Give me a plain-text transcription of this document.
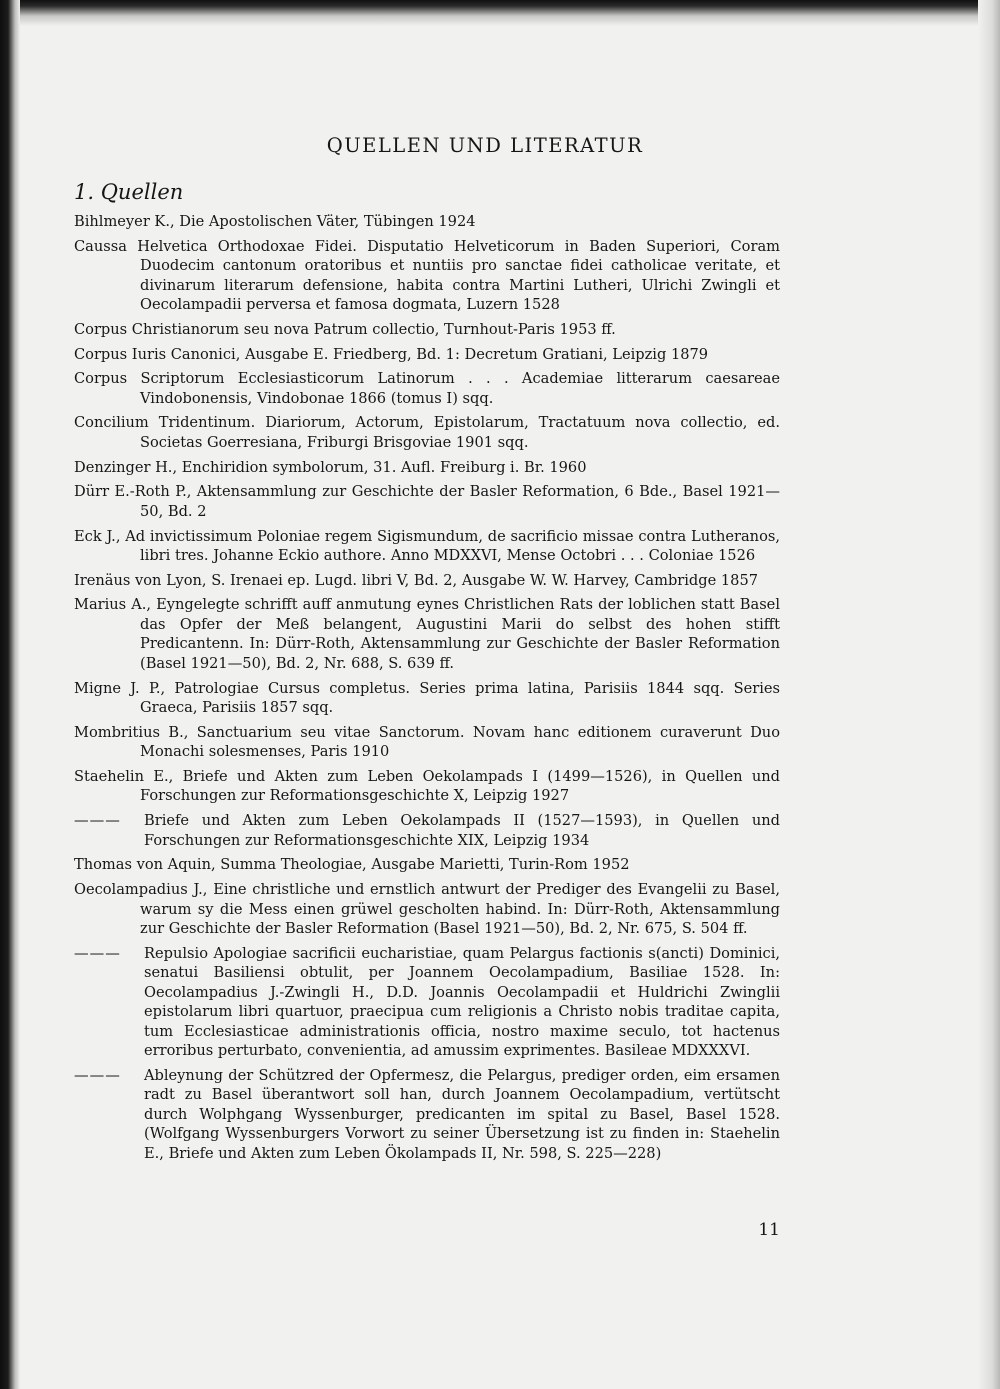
QUELLEN UND LITERATUR
1. Quellen
Bihlmeyer K., Die Apostolischen Väter, Tübingen 1924
Caussa Helvetica Orthodoxae Fidei. Disputatio Helveticorum in Baden Superiori, Coram Duodecim cantonum oratoribus et nuntiis pro sanctae fidei catholicae veritate, et divinarum literarum defensione, habita contra Martini Lutheri, Ulrichi Zwingli et Oecolampadii perversa et famosa dogmata, Luzern 1528
Corpus Christianorum seu nova Patrum collectio, Turnhout-Paris 1953 ff.
Corpus Iuris Canonici, Ausgabe E. Friedberg, Bd. 1: Decretum Gratiani, Leipzig 1879
Corpus Scriptorum Ecclesiasticorum Latinorum . . . Academiae litterarum caesareae Vindobonensis, Vindobonae 1866 (tomus I) sqq.
Concilium Tridentinum. Diariorum, Actorum, Epistolarum, Tractatuum nova collectio, ed. Societas Goerresiana, Friburgi Brisgoviae 1901 sqq.
Denzinger H., Enchiridion symbolorum, 31. Aufl. Freiburg i. Br. 1960
Dürr E.-Roth P., Aktensammlung zur Geschichte der Basler Reformation, 6 Bde., Basel 1921—50, Bd. 2
Eck J., Ad invictissimum Poloniae regem Sigismundum, de sacrificio missae contra Lutheranos, libri tres. Johanne Eckio authore. Anno MDXXVI, Mense Octobri . . . Coloniae 1526
Irenäus von Lyon, S. Irenaei ep. Lugd. libri V, Bd. 2, Ausgabe W. W. Harvey, Cambridge 1857
Marius A., Eyngelegte schrifft auff anmutung eynes Christlichen Rats der loblichen statt Basel das Opfer der Meß belangent, Augustini Marii do selbst des hohen stifft Predicantenn. In: Dürr-Roth, Aktensammlung zur Geschichte der Basler Reformation (Basel 1921—50), Bd. 2, Nr. 688, S. 639 ff.
Migne J. P., Patrologiae Cursus completus. Series prima latina, Parisiis 1844 sqq. Series Graeca, Parisiis 1857 sqq.
Mombritius B., Sanctuarium seu vitae Sanctorum. Novam hanc editionem curaverunt Duo Monachi solesmenses, Paris 1910
Staehelin E., Briefe und Akten zum Leben Oekolampads I (1499—1526), in Quellen und Forschungen zur Reformationsgeschichte X, Leipzig 1927
———	Briefe und Akten zum Leben Oekolampads II (1527—1593), in Quellen und Forschungen zur Reformationsgeschichte XIX, Leipzig 1934
Thomas von Aquin, Summa Theologiae, Ausgabe Marietti, Turin-Rom 1952
Oecolampadius J., Eine christliche und ernstlich antwurt der Prediger des Evangelii zu Basel, warum sy die Mess einen grüwel gescholten habind. In: Dürr-Roth, Aktensammlung zur Geschichte der Basler Reformation (Basel 1921—50), Bd. 2, Nr. 675, S. 504 ff.
———	Repulsio Apologiae sacrificii eucharistiae, quam Pelargus factionis s(ancti) Dominici, senatui Basiliensi obtulit, per Joannem Oecolampadium, Basiliae 1528. In: Oecolampadius J.-Zwingli H., D.D. Joannis Oecolampadii et Huldrichi Zwinglii epistolarum libri quartuor, praecipua cum religionis a Christo nobis traditae capita, tum Ecclesiasticae administrationis officia, nostro maxime seculo, tot hactenus erroribus perturbato, convenientia, ad amussim exprimentes. Basileae MDXXXVI.
———	Ableynung der Schützred der Opfermesz, die Pelargus, prediger orden, eim ersamen radt zu Basel überantwort soll han, durch Joannem Oecolampadium, vertütscht durch Wolphgang Wyssenburger, predicanten im spital zu Basel, Basel 1528. (Wolfgang Wyssenburgers Vorwort zu seiner Übersetzung ist zu finden in: Staehelin E., Briefe und Akten zum Leben Ökolampads II, Nr. 598, S. 225—228)
11
